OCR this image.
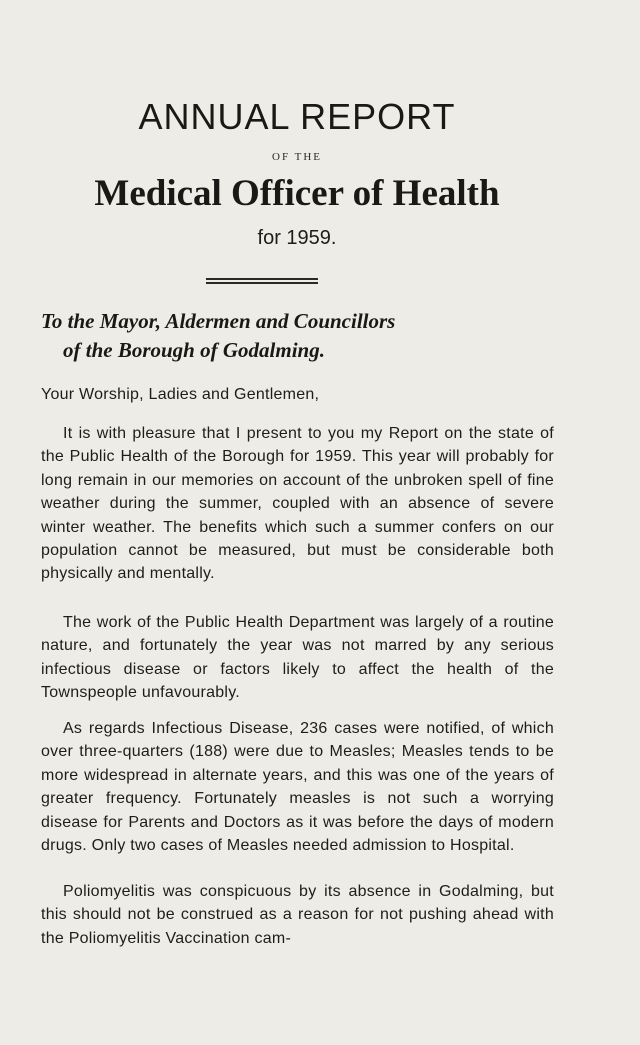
ANNUAL REPORT
OF THE
Medical Officer of Health
for 1959.
To the Mayor, Aldermen and Councillors
of the Borough of Godalming.
Your Worship, Ladies and Gentlemen,

It is with pleasure that I present to you my Report on the state of the Public Health of the Borough for 1959. This year will probably for long remain in our memories on account of the unbroken spell of fine weather during the summer, coupled with an absence of severe winter weather. The benefits which such a summer confers on our population cannot be measured, but must be considerable both physically and mentally.

The work of the Public Health Department was largely of a routine nature, and fortunately the year was not marred by any serious infectious disease or factors likely to affect the health of the Townspeople unfavourably.

As regards Infectious Disease, 236 cases were notified, of which over three-quarters (188) were due to Measles; Measles tends to be more widespread in alternate years, and this was one of the years of greater frequency. Fortunately measles is not such a worrying disease for Parents and Doctors as it was before the days of modern drugs. Only two cases of Measles needed admission to Hospital.

Poliomyelitis was conspicuous by its absence in Godalming, but this should not be construed as a reason for not pushing ahead with the Poliomyelitis Vaccination cam-
